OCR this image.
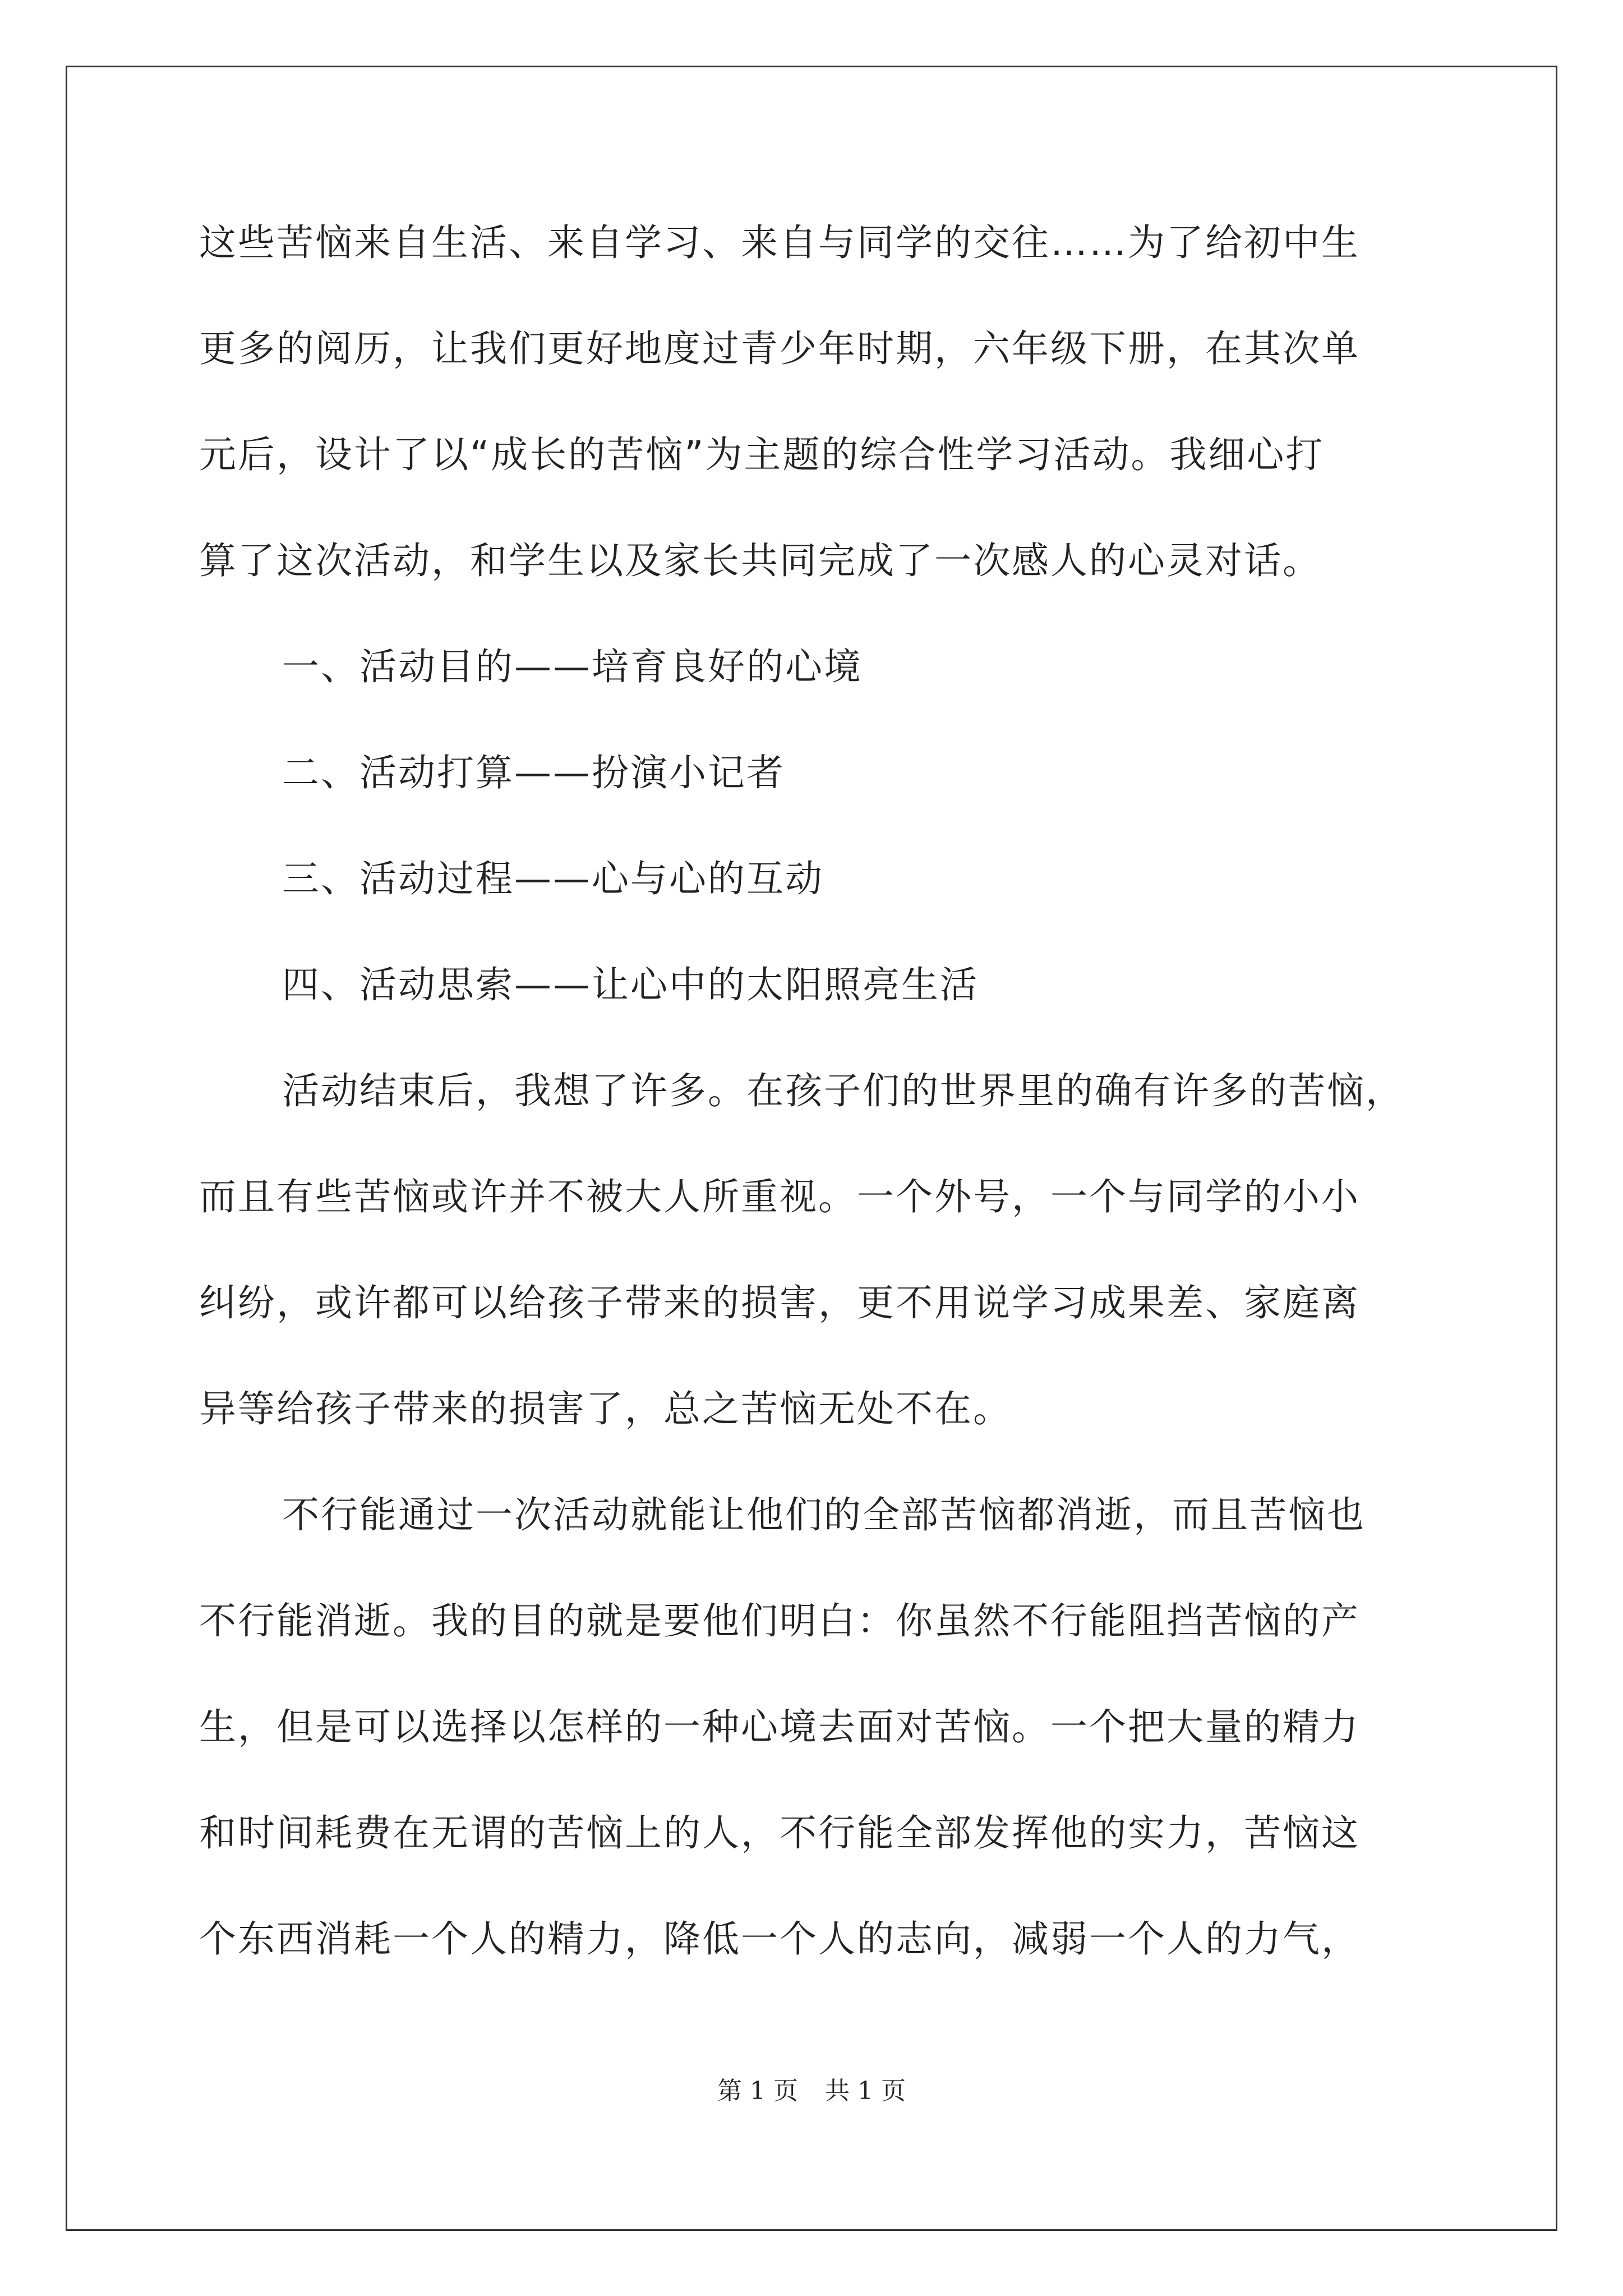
这些苦恼来自生活、来自学习、来自与同学的交往……为了给初中生

更多的阅历，让我们更好地度过青少年时期，六年级下册，在其次单

元后，设计了以“成长的苦恼”为主题的综合性学习活动。我细心打

算了这次活动，和学生以及家长共同完成了一次感人的心灵对话。

一、活动目的——培育良好的心境

二、活动打算——扮演小记者

三、活动过程——心与心的互动

四、活动思索——让心中的太阳照亮生活

活动结束后，我想了许多。在孩子们的世界里的确有许多的苦恼，

而且有些苦恼或许并不被大人所重视。一个外号，一个与同学的小小

纠纷，或许都可以给孩子带来的损害，更不用说学习成果差、家庭离

异等给孩子带来的损害了，总之苦恼无处不在。

不行能通过一次活动就能让他们的全部苦恼都消逝，而且苦恼也

不行能消逝。我的目的就是要他们明白：你虽然不行能阻挡苦恼的产

生，但是可以选择以怎样的一种心境去面对苦恼。一个把大量的精力

和时间耗费在无谓的苦恼上的人，不行能全部发挥他的实力，苦恼这

个东西消耗一个人的精力，降低一个人的志向，减弱一个人的力气，

第 1 页 共 1 页
